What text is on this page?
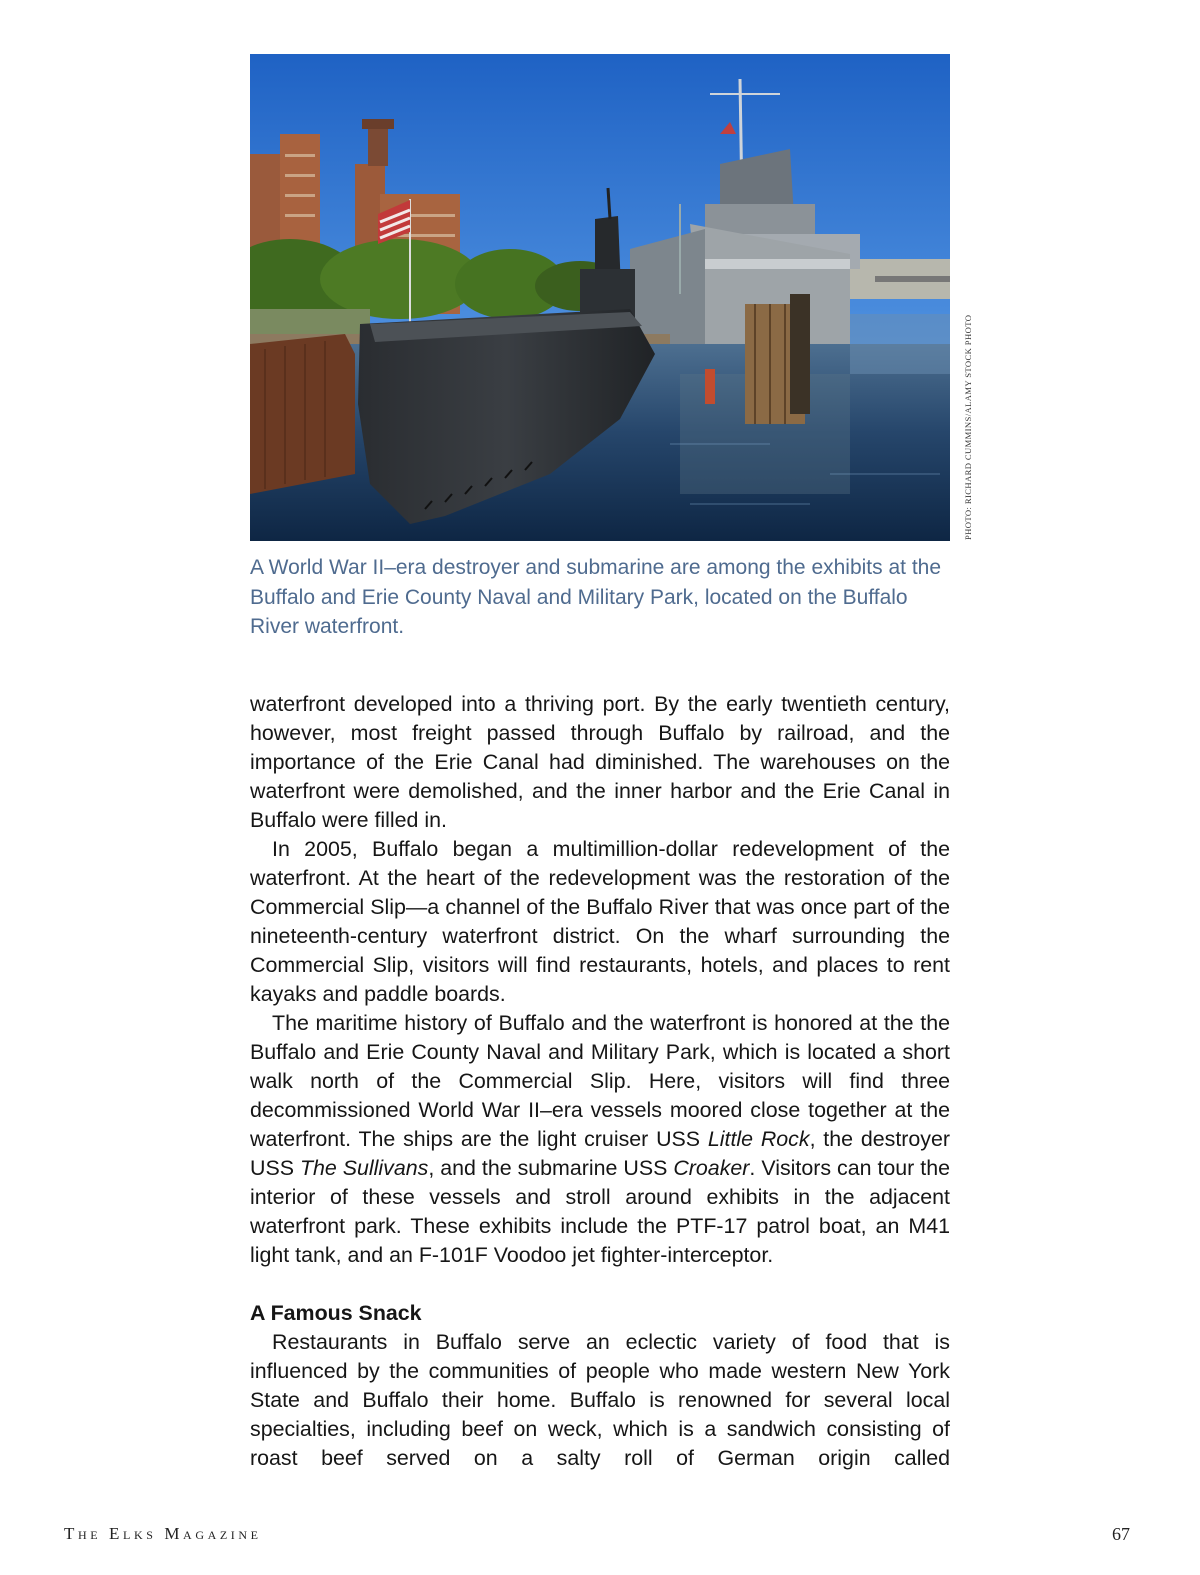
PHOTO: RICHARD CUMMINS/ALAMY STOCK PHOTO

A World War II–era destroyer and submarine are among the exhibits at the Buffalo and Erie County Naval and Military Park, located on the Buffalo River waterfront.

waterfront developed into a thriving port. By the early twentieth century, however, most freight passed through Buffalo by railroad, and the importance of the Erie Canal had diminished. The warehouses on the waterfront were demolished, and the inner harbor and the Erie Canal in Buffalo were filled in.

In 2005, Buffalo began a multimillion-dollar redevelopment of the waterfront. At the heart of the redevelopment was the restoration of the Commercial Slip—a channel of the Buffalo River that was once part of the nineteenth-century waterfront district. On the wharf surrounding the Commercial Slip, visitors will find restaurants, hotels, and places to rent kayaks and paddle boards.

The maritime history of Buffalo and the waterfront is honored at the the Buffalo and Erie County Naval and Military Park, which is located a short walk north of the Commercial Slip. Here, visitors will find three decommissioned World War II–era vessels moored close together at the waterfront. The ships are the light cruiser USS Little Rock, the destroyer USS The Sullivans, and the submarine USS Croaker. Visitors can tour the interior of these vessels and stroll around exhibits in the adjacent waterfront park. These exhibits include the PTF-17 patrol boat, an M41 light tank, and an F-101F Voodoo jet fighter-interceptor.

A Famous Snack

Restaurants in Buffalo serve an eclectic variety of food that is influenced by the communities of people who made western New York State and Buffalo their home. Buffalo is renowned for several local specialties, including beef on weck, which is a sandwich consisting of roast beef served on a salty roll of German origin called

The Elks Magazine	67
